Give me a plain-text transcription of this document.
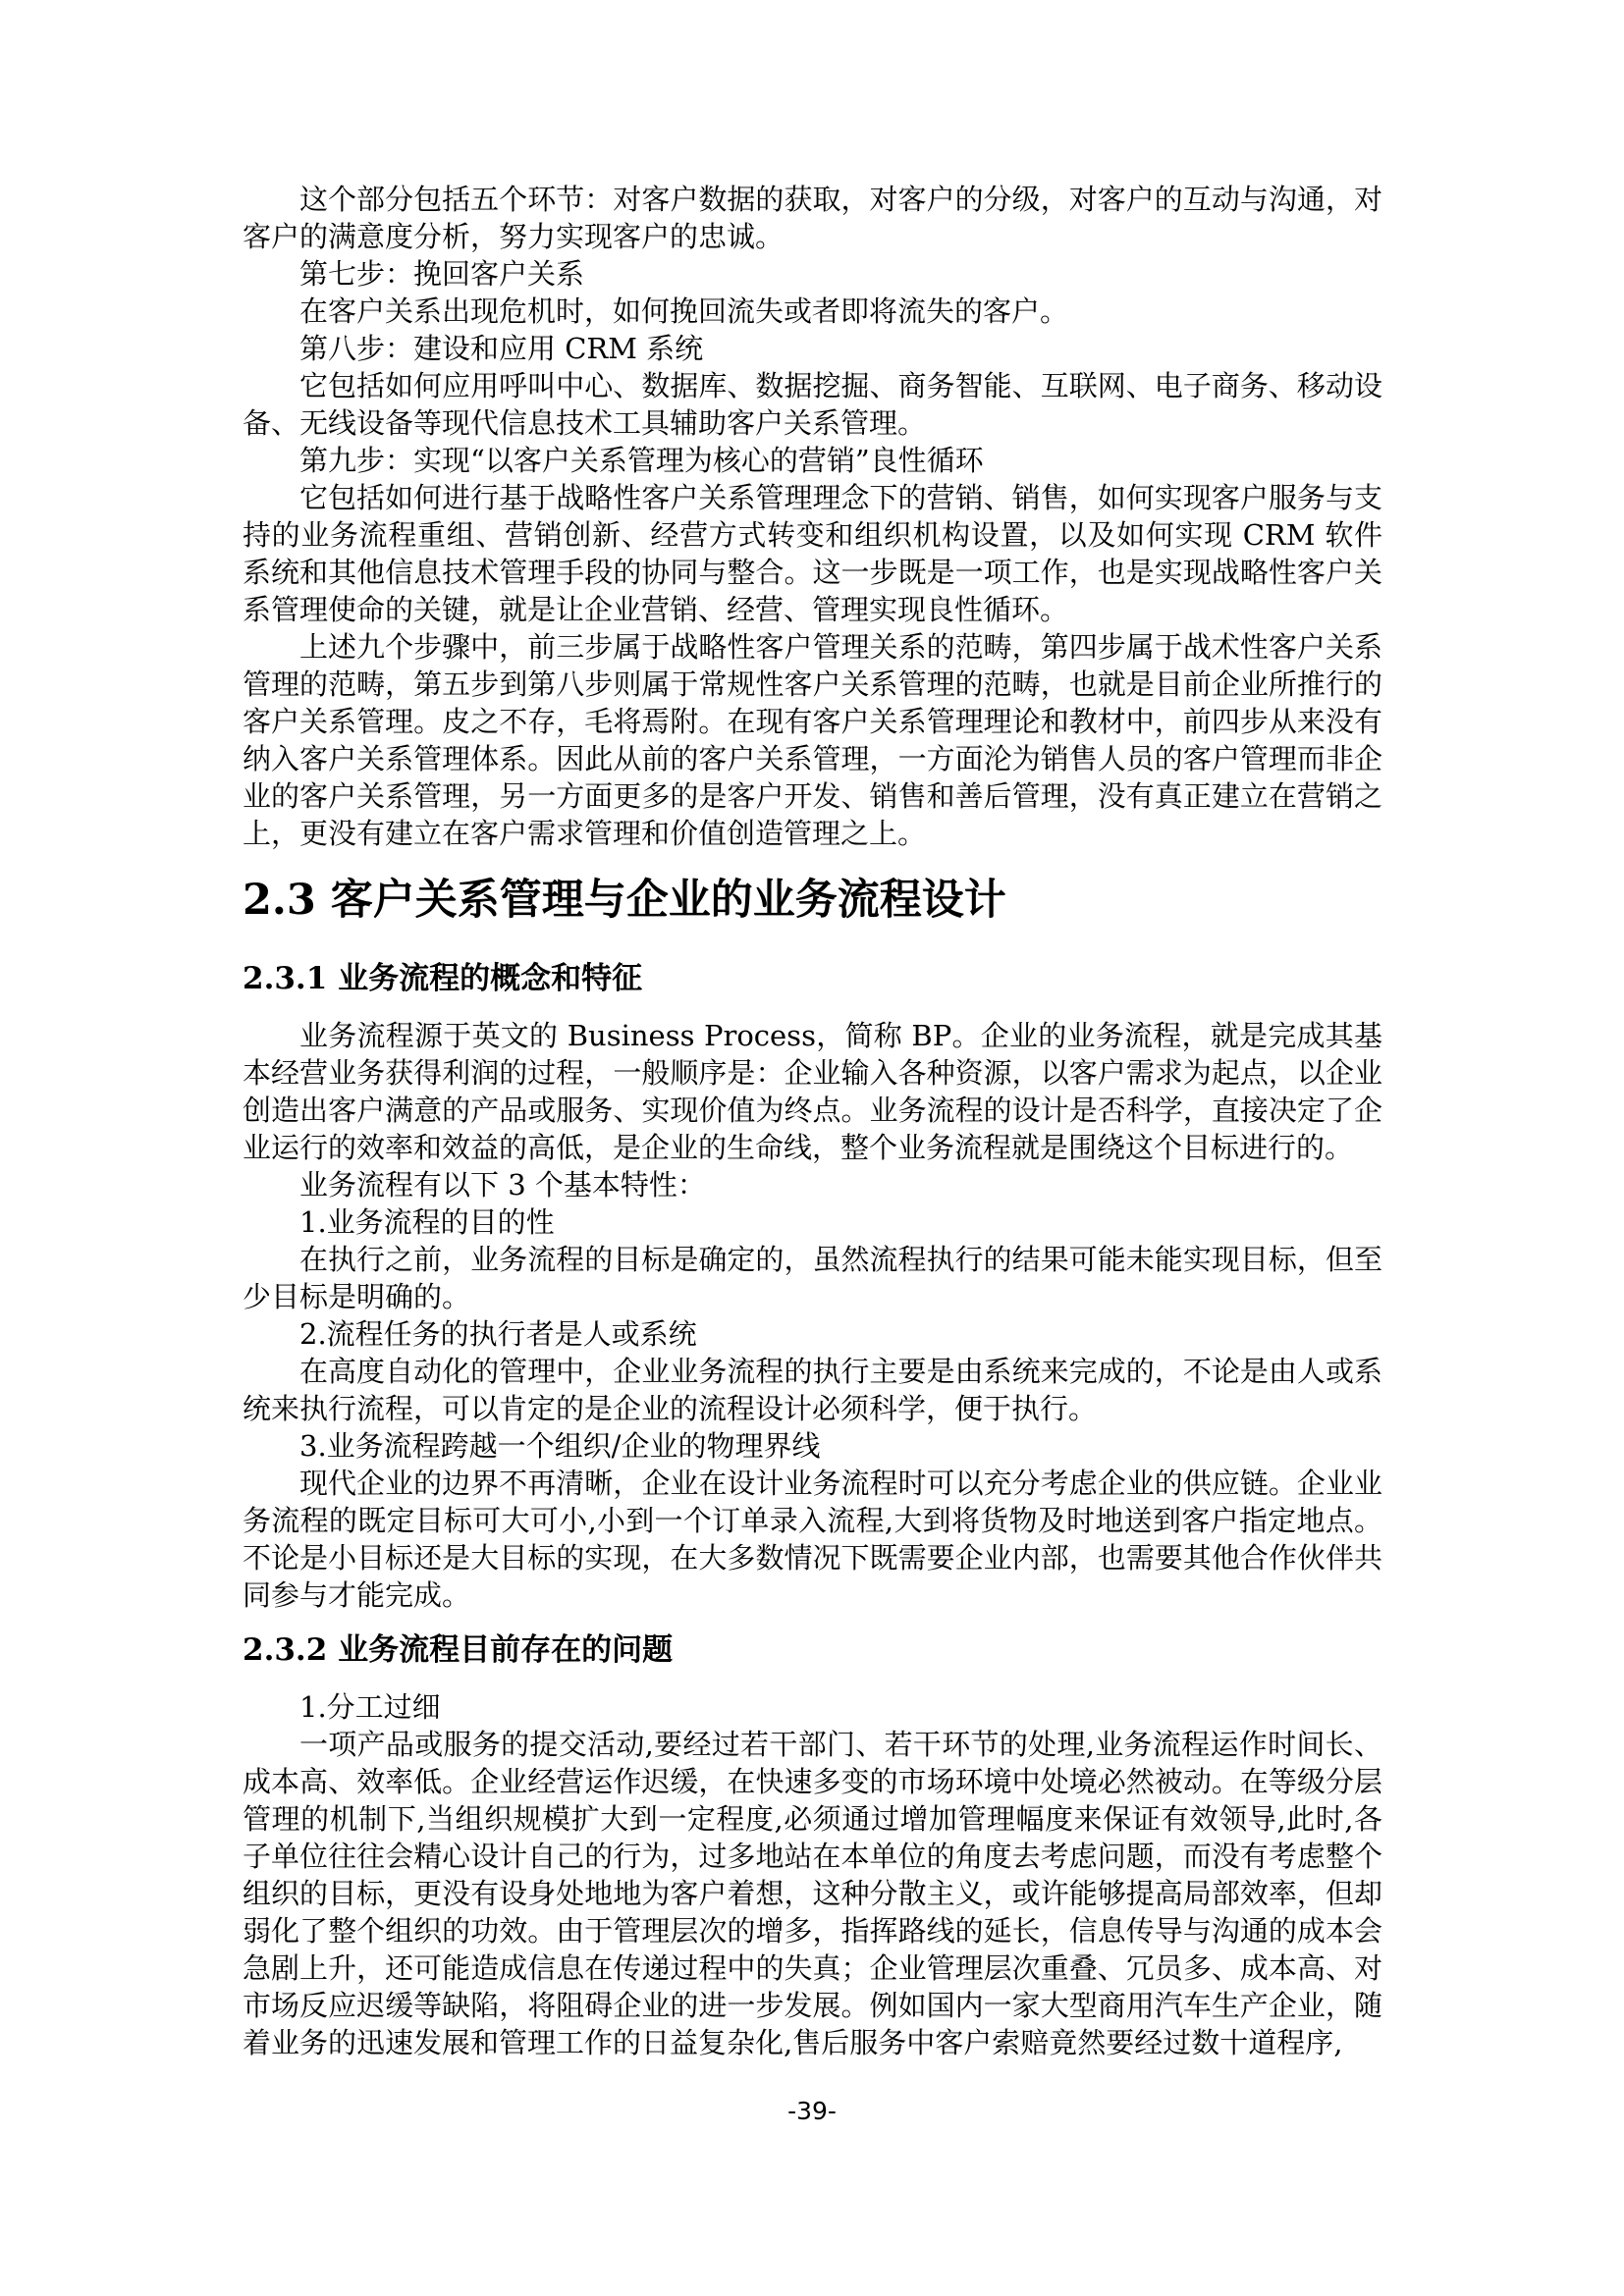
这个部分包括五个环节：对客户数据的获取，对客户的分级，对客户的互动与沟通，对客户的满意度分析，努力实现客户的忠诚。

第七步：挽回客户关系

在客户关系出现危机时，如何挽回流失或者即将流失的客户。

第八步：建设和应用 CRM 系统

它包括如何应用呼叫中心、数据库、数据挖掘、商务智能、互联网、电子商务、移动设备、无线设备等现代信息技术工具辅助客户关系管理。

第九步：实现“以客户关系管理为核心的营销”良性循环

它包括如何进行基于战略性客户关系管理理念下的营销、销售，如何实现客户服务与支持的业务流程重组、营销创新、经营方式转变和组织机构设置，以及如何实现 CRM 软件系统和其他信息技术管理手段的协同与整合。这一步既是一项工作，也是实现战略性客户关系管理使命的关键，就是让企业营销、经营、管理实现良性循环。

上述九个步骤中，前三步属于战略性客户管理关系的范畴，第四步属于战术性客户关系管理的范畴，第五步到第八步则属于常规性客户关系管理的范畴，也就是目前企业所推行的客户关系管理。皮之不存，毛将焉附。在现有客户关系管理理论和教材中，前四步从来没有纳入客户关系管理体系。因此从前的客户关系管理，一方面沦为销售人员的客户管理而非企业的客户关系管理，另一方面更多的是客户开发、销售和善后管理，没有真正建立在营销之上，更没有建立在客户需求管理和价值创造管理之上。

2.3 客户关系管理与企业的业务流程设计
2.3.1 业务流程的概念和特征

业务流程源于英文的 Business Process，简称 BP。企业的业务流程，就是完成其基本经营业务获得利润的过程，一般顺序是：企业输入各种资源，以客户需求为起点，以企业创造出客户满意的产品或服务、实现价值为终点。业务流程的设计是否科学，直接决定了企业运行的效率和效益的高低，是企业的生命线，整个业务流程就是围绕这个目标进行的。

业务流程有以下 3 个基本特性：

1.业务流程的目的性

在执行之前，业务流程的目标是确定的，虽然流程执行的结果可能未能实现目标，但至少目标是明确的。

2.流程任务的执行者是人或系统

在高度自动化的管理中，企业业务流程的执行主要是由系统来完成的，不论是由人或系统来执行流程，可以肯定的是企业的流程设计必须科学，便于执行。

3.业务流程跨越一个组织/企业的物理界线

现代企业的边界不再清晰，企业在设计业务流程时可以充分考虑企业的供应链。企业业务流程的既定目标可大可小,小到一个订单录入流程,大到将货物及时地送到客户指定地点。不论是小目标还是大目标的实现，在大多数情况下既需要企业内部，也需要其他合作伙伴共同参与才能完成。

2.3.2 业务流程目前存在的问题

1.分工过细

一项产品或服务的提交活动,要经过若干部门、若干环节的处理,业务流程运作时间长、成本高、效率低。企业经营运作迟缓，在快速多变的市场环境中处境必然被动。在等级分层管理的机制下,当组织规模扩大到一定程度,必须通过增加管理幅度来保证有效领导,此时,各子单位往往会精心设计自己的行为，过多地站在本单位的角度去考虑问题，而没有考虑整个组织的目标，更没有设身处地地为客户着想，这种分散主义，或许能够提高局部效率，但却弱化了整个组织的功效。由于管理层次的增多，指挥路线的延长，信息传导与沟通的成本会急剧上升，还可能造成信息在传递过程中的失真；企业管理层次重叠、冗员多、成本高、对市场反应迟缓等缺陷，将阻碍企业的进一步发展。例如国内一家大型商用汽车生产企业，随着业务的迅速发展和管理工作的日益复杂化,售后服务中客户索赔竟然要经过数十道程序,

-39-
